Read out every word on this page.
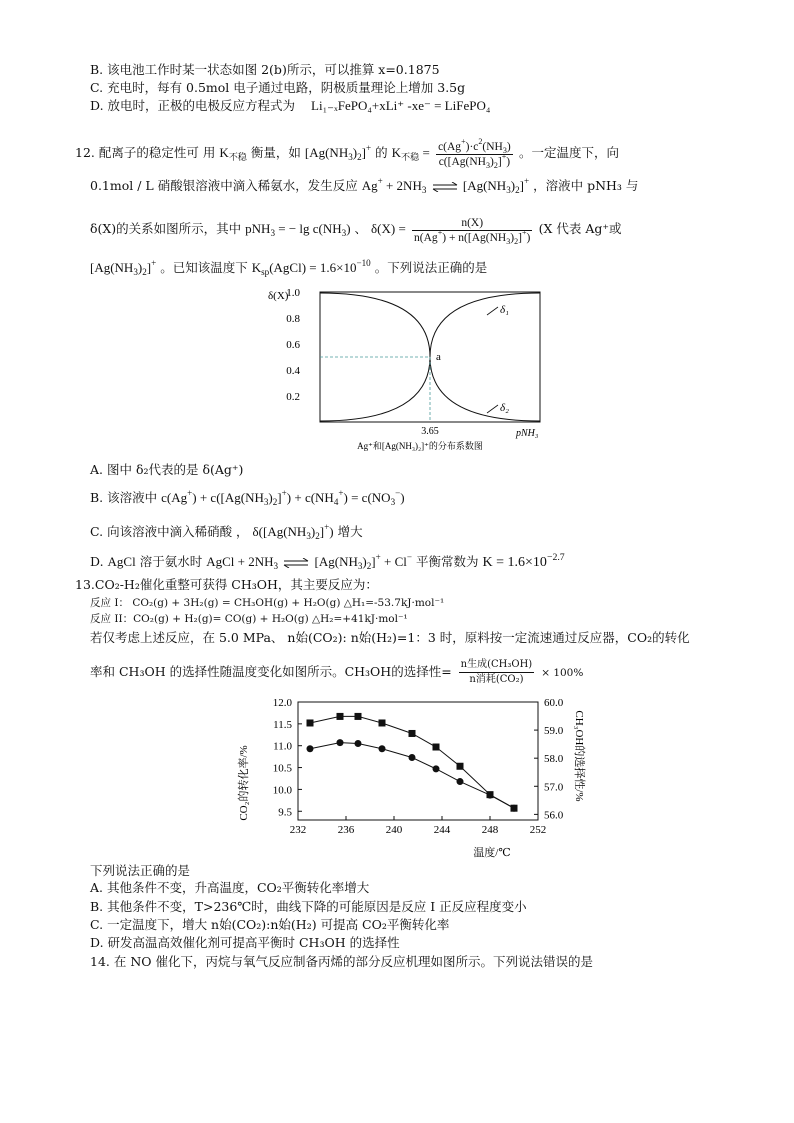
B. 该电池工作时某一状态如图 2(b)所示，可以推算 x=0.1875
C. 充电时，每有 0.5mol 电子通过电路，阴极质量理论上增加 3.5g
D. 放电时，正极的电极反应方程式为 Li₁₋ₓFePO₄+xLi⁺ -xe⁻ = LiFePO₄
12. 配离子的稳定性可 用 $K_{不稳}$ 衡量，如 $[Ag(NH_3)_2]^+$ 的 $K_{不稳} = \frac{c(Ag^+)\cdot c^2(NH_3)}{c([Ag(NH_3)_2]^+)}$ 。一定温度下，向
0.1mol / L 硝酸银溶液中滴入稀氨水，发生反应 $Ag^+ + 2NH_3$	$[Ag(NH_3)_2]^+$ ，溶液中 pNH₃ 与
δ(X)的关系如图所示，其中 pNH$_3$ = − $\lg c(NH_3)$ 、 $\delta(X) = \frac{n(X)}{n(Ag^+) + n([Ag(NH_3)_2]^+)} (X$ 代表 Ag⁺或
$[Ag(NH_3)_2]^+$ 。已知该温度下 $K_{sp}(AgCl) = 1.6\times 10^{-10}$ 。下列说法正确的是
δ(X)
1.0
0.8
0.6
0.4
0.2
a
3.65	pNH₃
δ₁
δ₂
Ag⁺和[Ag(NH₃)₂]⁺的分布系数图
A. 图中 δ₂代表的是 δ(Ag⁺)
B. 该溶液中 $c(Ag^+) + c([Ag(NH_3)_2]^+) + c(NH_4^+) = c(NO_3^-)$
C. 向该溶液中滴入稀硝酸 ， $\delta([Ag(NH_3)_2]^+)$ 增大
D. AgCl 溶于氨水时 AgCl + $2NH_3$	$[Ag(NH_3)_2]^+ + Cl^-$ 平衡常数为 $K = 1.6\times 10^{-2.7}$
13.CO₂-H₂催化重整可获得 CH₃OH，其主要反应为：
反应 I： CO₂(g) + 3H₂(g) = CH₃OH(g) + H₂O(g) △H₁=-53.7kJ·mol⁻¹
反应 II：CO₂(g) + H₂(g)= CO(g) + H₂O(g) △H₂=+41kJ·mol⁻¹
若仅考虑上述反应，在 5.0 MPa、 n始(CO₂): n始(H₂)=1：3 时，原料按一定流速通过反应器，CO₂的转化
率和 CH₃OH 的选择性随温度变化如图所示。CH₃OH的选择性= $\frac{\text{n生成(CH₃OH)}}{\text{n消耗(CO₂)}} \times 100\%$
232	236	240	244	248	252
9.5
10.0
10.5
11.0
11.5
12.0
56.0
57.0
58.0
59.0
60.0
CO₂的转化率/%	CH₃OH的选择性/%
温度/℃
下列说法正确的是
A. 其他条件不变，升高温度，CO₂平衡转化率增大
B. 其他条件不变，T>236℃时，曲线下降的可能原因是反应 I 正反应程度变小
C. 一定温度下，增大 n始(CO₂):n始(H₂) 可提高 CO₂平衡转化率
D. 研发高温高效催化剂可提高平衡时 CH₃OH 的选择性
14. 在 NO 催化下，丙烷与氧气反应制备丙烯的部分反应机理如图所示。下列说法错误的是
